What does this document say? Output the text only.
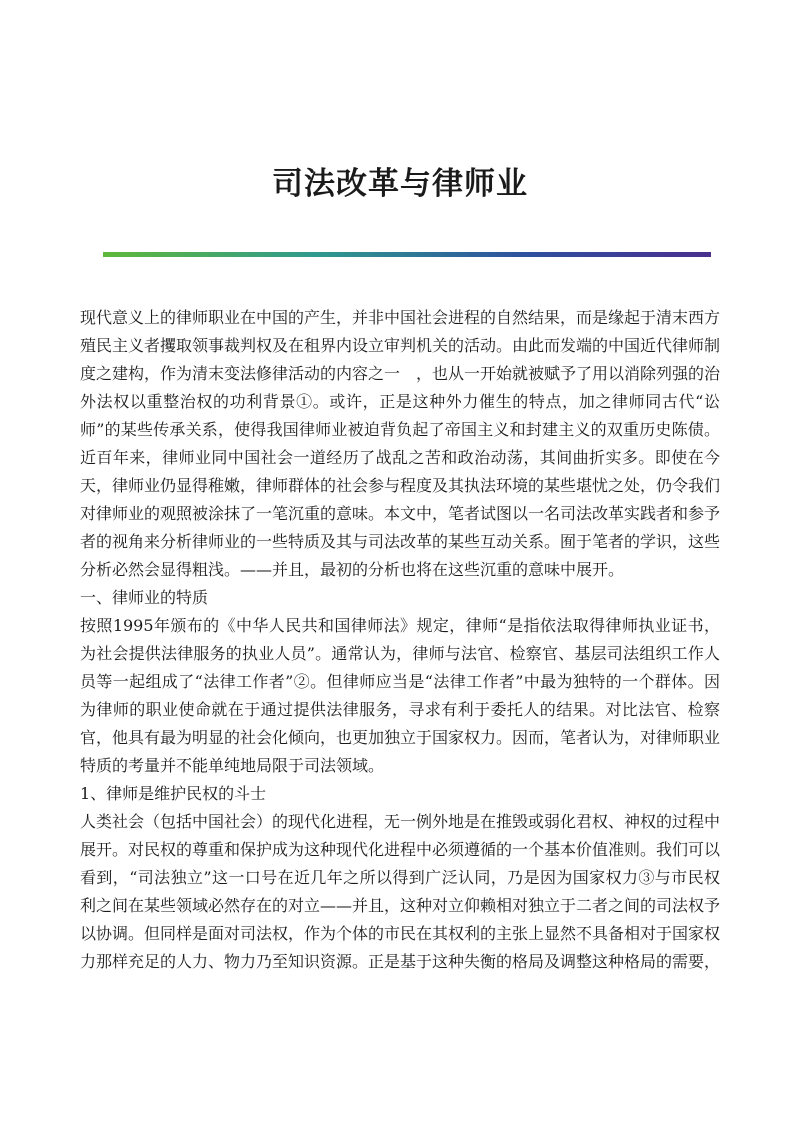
司法改革与律师业

现代意义上的律师职业在中国的产生，并非中国社会进程的自然结果，而是缘起于清末西方殖民主义者攫取领事裁判权及在租界内设立审判机关的活动。由此而发端的中国近代律师制度之建构，作为清末变法修律活动的内容之一　，也从一开始就被赋予了用以消除列强的治外法权以重整治权的功利背景①。或许，正是这种外力催生的特点，加之律师同古代“讼师”的某些传承关系，使得我国律师业被迫背负起了帝国主义和封建主义的双重历史陈债。近百年来，律师业同中国社会一道经历了战乱之苦和政治动荡，其间曲折实多。即使在今天，律师业仍显得稚嫩，律师群体的社会参与程度及其执法环境的某些堪忧之处，仍令我们对律师业的观照被涂抹了一笔沉重的意味。本文中，笔者试图以一名司法改革实践者和参予者的视角来分析律师业的一些特质及其与司法改革的某些互动关系。囿于笔者的学识，这些分析必然会显得粗浅。——并且，最初的分析也将在这些沉重的意味中展开。

一、律师业的特质

按照1995年颁布的《中华人民共和国律师法》规定，律师“是指依法取得律师执业证书，为社会提供法律服务的执业人员”。通常认为，律师与法官、检察官、基层司法组织工作人员等一起组成了“法律工作者”②。但律师应当是“法律工作者”中最为独特的一个群体。因为律师的职业使命就在于通过提供法律服务，寻求有利于委托人的结果。对比法官、检察官，他具有最为明显的社会化倾向，也更加独立于国家权力。因而，笔者认为，对律师职业特质的考量并不能单纯地局限于司法领域。

1、律师是维护民权的斗士

人类社会（包括中国社会）的现代化进程，无一例外地是在推毁或弱化君权、神权的过程中展开。对民权的尊重和保护成为这种现代化进程中必须遵循的一个基本价值准则。我们可以看到，“司法独立”这一口号在近几年之所以得到广泛认同，乃是因为国家权力③与市民权利之间在某些领域必然存在的对立——并且，这种对立仰赖相对独立于二者之间的司法权予以协调。但同样是面对司法权，作为个体的市民在其权利的主张上显然不具备相对于国家权力那样充足的人力、物力乃至知识资源。正是基于这种失衡的格局及调整这种格局的需要，
